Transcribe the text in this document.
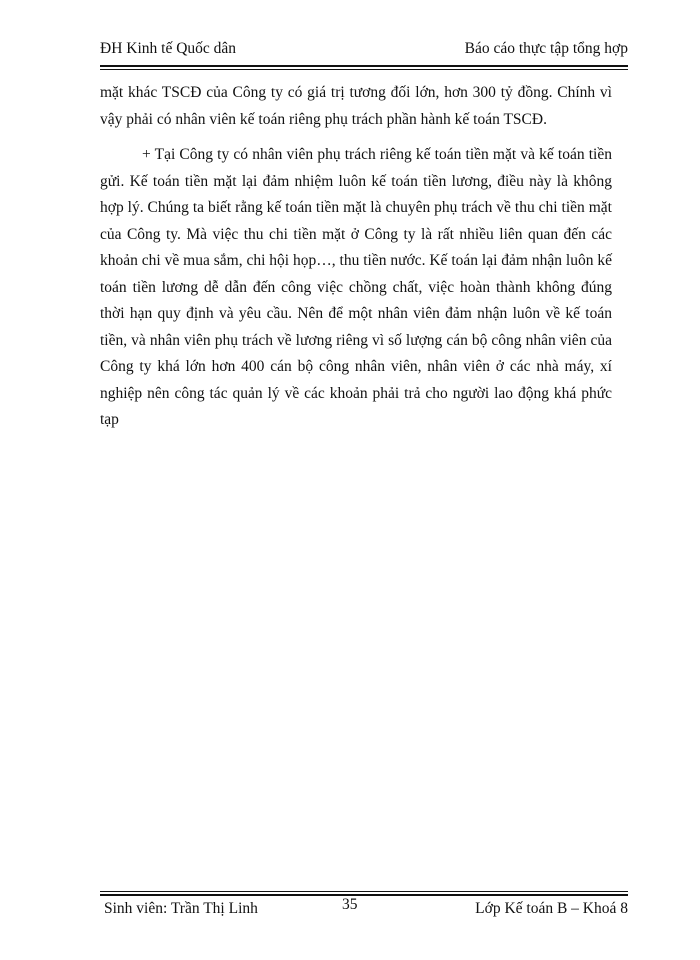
ĐH Kinh tế Quốc dân	Báo cáo thực tập tổng hợp

mặt khác TSCĐ của Công ty có giá trị tương đối lớn, hơn 300 tỷ đồng. Chính vì vậy phải có nhân viên kế toán riêng phụ trách phần hành kế toán TSCĐ.

+ Tại Công ty có nhân viên phụ trách riêng kế toán tiền mặt và kế toán tiền gửi. Kế toán tiền mặt lại đảm nhiệm luôn kế toán tiền lương, điều này là không hợp lý. Chúng ta biết rằng kế toán tiền mặt là chuyên phụ trách về thu chi tiền mặt của Công ty. Mà việc thu chi tiền mặt ở Công ty là rất nhiều liên quan đến các khoản chi về mua sắm, chi hội họp…, thu tiền nước. Kế toán lại đảm nhận luôn kế toán tiền lương dễ dẫn đến công việc chồng chất, việc hoàn thành không đúng thời hạn quy định và yêu cầu. Nên để một nhân viên đảm nhận luôn về kế toán tiền, và nhân viên phụ trách về lương riêng vì số lượng cán bộ công nhân viên của Công ty khá lớn hơn 400 cán bộ công nhân viên, nhân viên ở các nhà máy, xí nghiệp nên công tác quản lý về các khoản phải trả cho người lao động khá phức tạp

Sinh viên: Trần Thị Linh	35	Lớp Kế toán B – Khoá 8
